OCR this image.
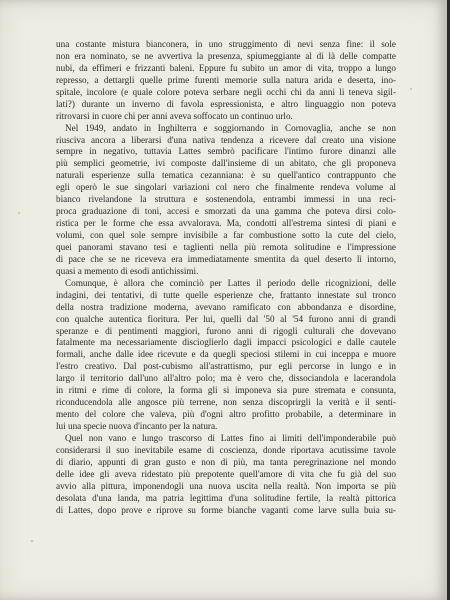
una costante mistura bianconera, in uno struggimento di nevi senza fine: il sole
non era nominato, se ne avvertiva la presenza, spiumeggiante al di là delle compatte
nubi, da effimeri e frizzanti baleni. Eppure fu subito un amor di vita, troppo a lungo
represso, a dettargli quelle prime furenti memorie sulla natura arida e deserta, ino-
spitale, incolore (e quale colore poteva serbare negli occhi chi da anni li teneva sigil-
lati?) durante un inverno di favola espressionista, e altro linguaggio non poteva
ritrovarsi in cuore chi per anni aveva soffocato un continuo urlo.
Nel 1949, andato in Inghilterra e soggiornando in Cornovaglia, anche se non
riusciva ancora a liberarsi d'una nativa tendenza a ricevere dal creato una visione
sempre in negativo, tuttavia Lattes sembrò pacificare l'intimo furore dinanzi alle
più semplici geometrie, ivi composte dall'insieme di un abitato, che gli proponeva
naturali esperienze sulla tematica cezanniana: è su quell'antico contrappunto che
egli operò le sue singolari variazioni col nero che finalmente rendeva volume al
bianco rivelandone la struttura e sostenendola, entrambi immessi in una reci-
proca graduazione di toni, accesi e smorzati da una gamma che poteva dirsi colo-
ristica per le forme che essa avvalorava. Ma, condotti all'estrema sintesi di piani e
volumi, con quel sole sempre invisibile a far combustione sotto la cute del cielo,
quei panorami stavano tesi e taglienti nella più remota solitudine e l'impressione
di pace che se ne riceveva era immediatamente smentita da quel deserto lì intorno,
quasi a memento di esodi antichissimi.
Comunque, è allora che cominciò per Lattes il periodo delle ricognizioni, delle
indagini, dei tentativi, di tutte quelle esperienze che, frattanto innestate sul tronco
della nostra tradizione moderna, avevano ramificato con abbondanza e disordine,
con qualche autentica fioritura. Per lui, quelli dal '50 al '54 furono anni di grandi
speranze e di pentimenti maggiori, furono anni di rigogli culturali che dovevano
fatalmente ma necessariamente discioglierlo dagli impacci psicologici e dalle cautele
formali, anche dalle idee ricevute e da quegli speciosi stilemi in cui inceppa e muore
l'estro creativo. Dal post-cubismo all'astrattismo, pur egli percorse in lungo e in
largo il territorio dall'uno all'altro polo; ma è vero che, dissociandola e lacerandola
in ritmi e rime di colore, la forma gli si imponeva sia pure stremata e consunta,
riconducendola alle angosce più terrene, non senza discoprirgli la verità e il senti-
mento del colore che valeva, più d'ogni altro profitto probabile, a determinare in
lui una specie nuova d'incanto per la natura.
Quel non vano e lungo trascorso di Lattes fino ai limiti dell'imponderabile può
considerarsi il suo inevitabile esame di coscienza, donde riportava acutissime tavole
di diario, appunti di gran gusto e non di più, ma tanta peregrinazione nel mondo
delle idee gli aveva ridestato più prepotente quell'amore di vita che fu già del suo
avvio alla pittura, imponendogli una nuova uscita nella realtà. Non importa se più
desolata d'una landa, ma patria legittima d'una solitudine fertile, la realtà pittorica
di Lattes, dopo prove e riprove su forme bianche vaganti come larve sulla buia su-
